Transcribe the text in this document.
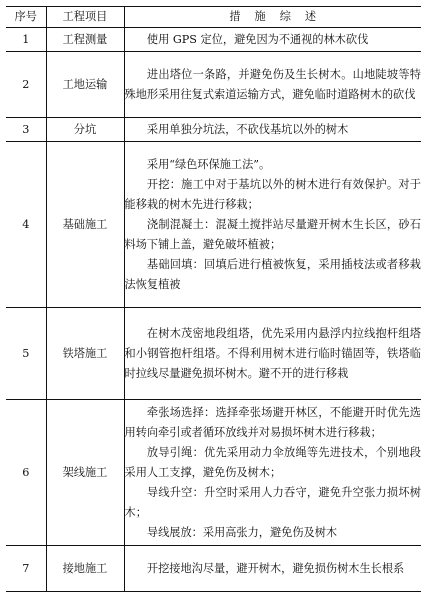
序号	工程项目	措施综述
1	工程测量	使用 GPS 定位，避免因为不通视的林木砍伐

2	工地运输	进出塔位一条路，并避免伤及生长树木。山地陡坡等特殊地形采用往复式索道运输方式，避免临时道路树木的砍伐

3	分坑	采用单独分坑法，不砍伐基坑以外的树木

4	基础施工	采用“绿色环保施工法”。

开挖：施工中对于基坑以外的树木进行有效保护。对于能移栽的树木先进行移栽；

浇制混凝土：混凝土搅拌站尽量避开树木生长区，砂石料场下铺上盖，避免破坏植被；

基础回填：回填后进行植被恢复，采用插枝法或者移栽法恢复植被

5	铁塔施工	在树木茂密地段组塔，优先采用内悬浮内拉线抱杆组塔和小钢管抱杆组塔。不得利用树木进行临时锚固等，铁塔临时拉线尽量避免损坏树木。避不开的进行移栽

6	架线施工	牵张场选择：选择牵张场避开林区，不能避开时优先选用转向牵引或者循环放线并对易损坏树木进行移栽；

放导引绳：优先采用动力伞放绳等先进技术，个别地段采用人工支撑，避免伤及树木；

导线升空：升空时采用人力吞守，避免升空张力损坏树木；

导线展放：采用高张力，避免伤及树木

7	接地施工	开挖接地沟尽量，避开树木，避免损伤树木生长根系
